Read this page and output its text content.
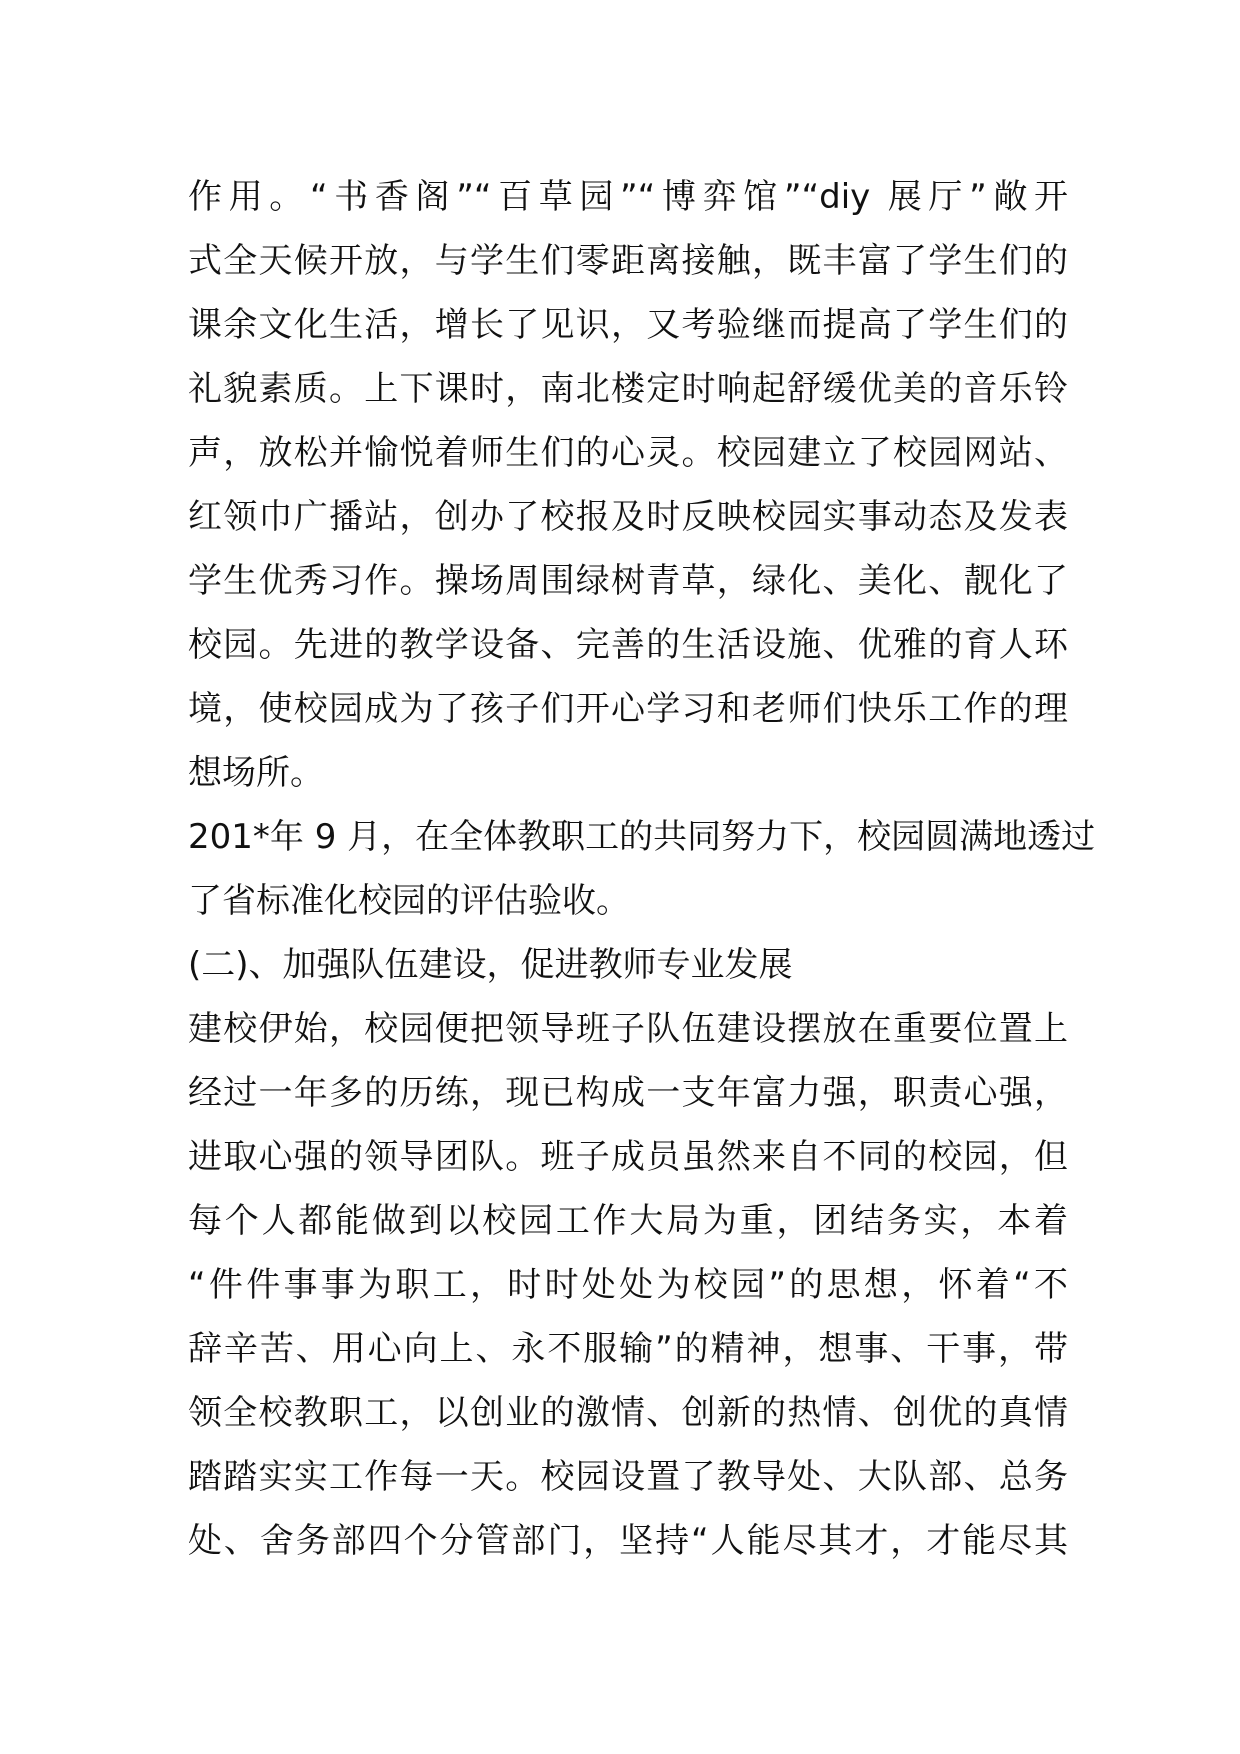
作用。“书香阁”“百草园”“博弈馆”“diy 展厅”敞开
式全天候开放，与学生们零距离接触，既丰富了学生们的
课余文化生活，增长了见识，又考验继而提高了学生们的
礼貌素质。上下课时，南北楼定时响起舒缓优美的音乐铃
声，放松并愉悦着师生们的心灵。校园建立了校园网站、
红领巾广播站，创办了校报及时反映校园实事动态及发表
学生优秀习作。操场周围绿树青草，绿化、美化、靓化了
校园。先进的教学设备、完善的生活设施、优雅的育人环
境，使校园成为了孩子们开心学习和老师们快乐工作的理
想场所。
201*年 9 月，在全体教职工的共同努力下，校园圆满地透过
了省标准化校园的评估验收。
(二)、加强队伍建设，促进教师专业发展
建校伊始，校园便把领导班子队伍建设摆放在重要位置上
经过一年多的历练，现已构成一支年富力强，职责心强，
进取心强的领导团队。班子成员虽然来自不同的校园，但
每个人都能做到以校园工作大局为重，团结务实，本着
“件件事事为职工，时时处处为校园”的思想，怀着“不
辞辛苦、用心向上、永不服输”的精神，想事、干事，带
领全校教职工，以创业的激情、创新的热情、创优的真情
踏踏实实工作每一天。校园设置了教导处、大队部、总务
处、舍务部四个分管部门，坚持“人能尽其才，才能尽其
